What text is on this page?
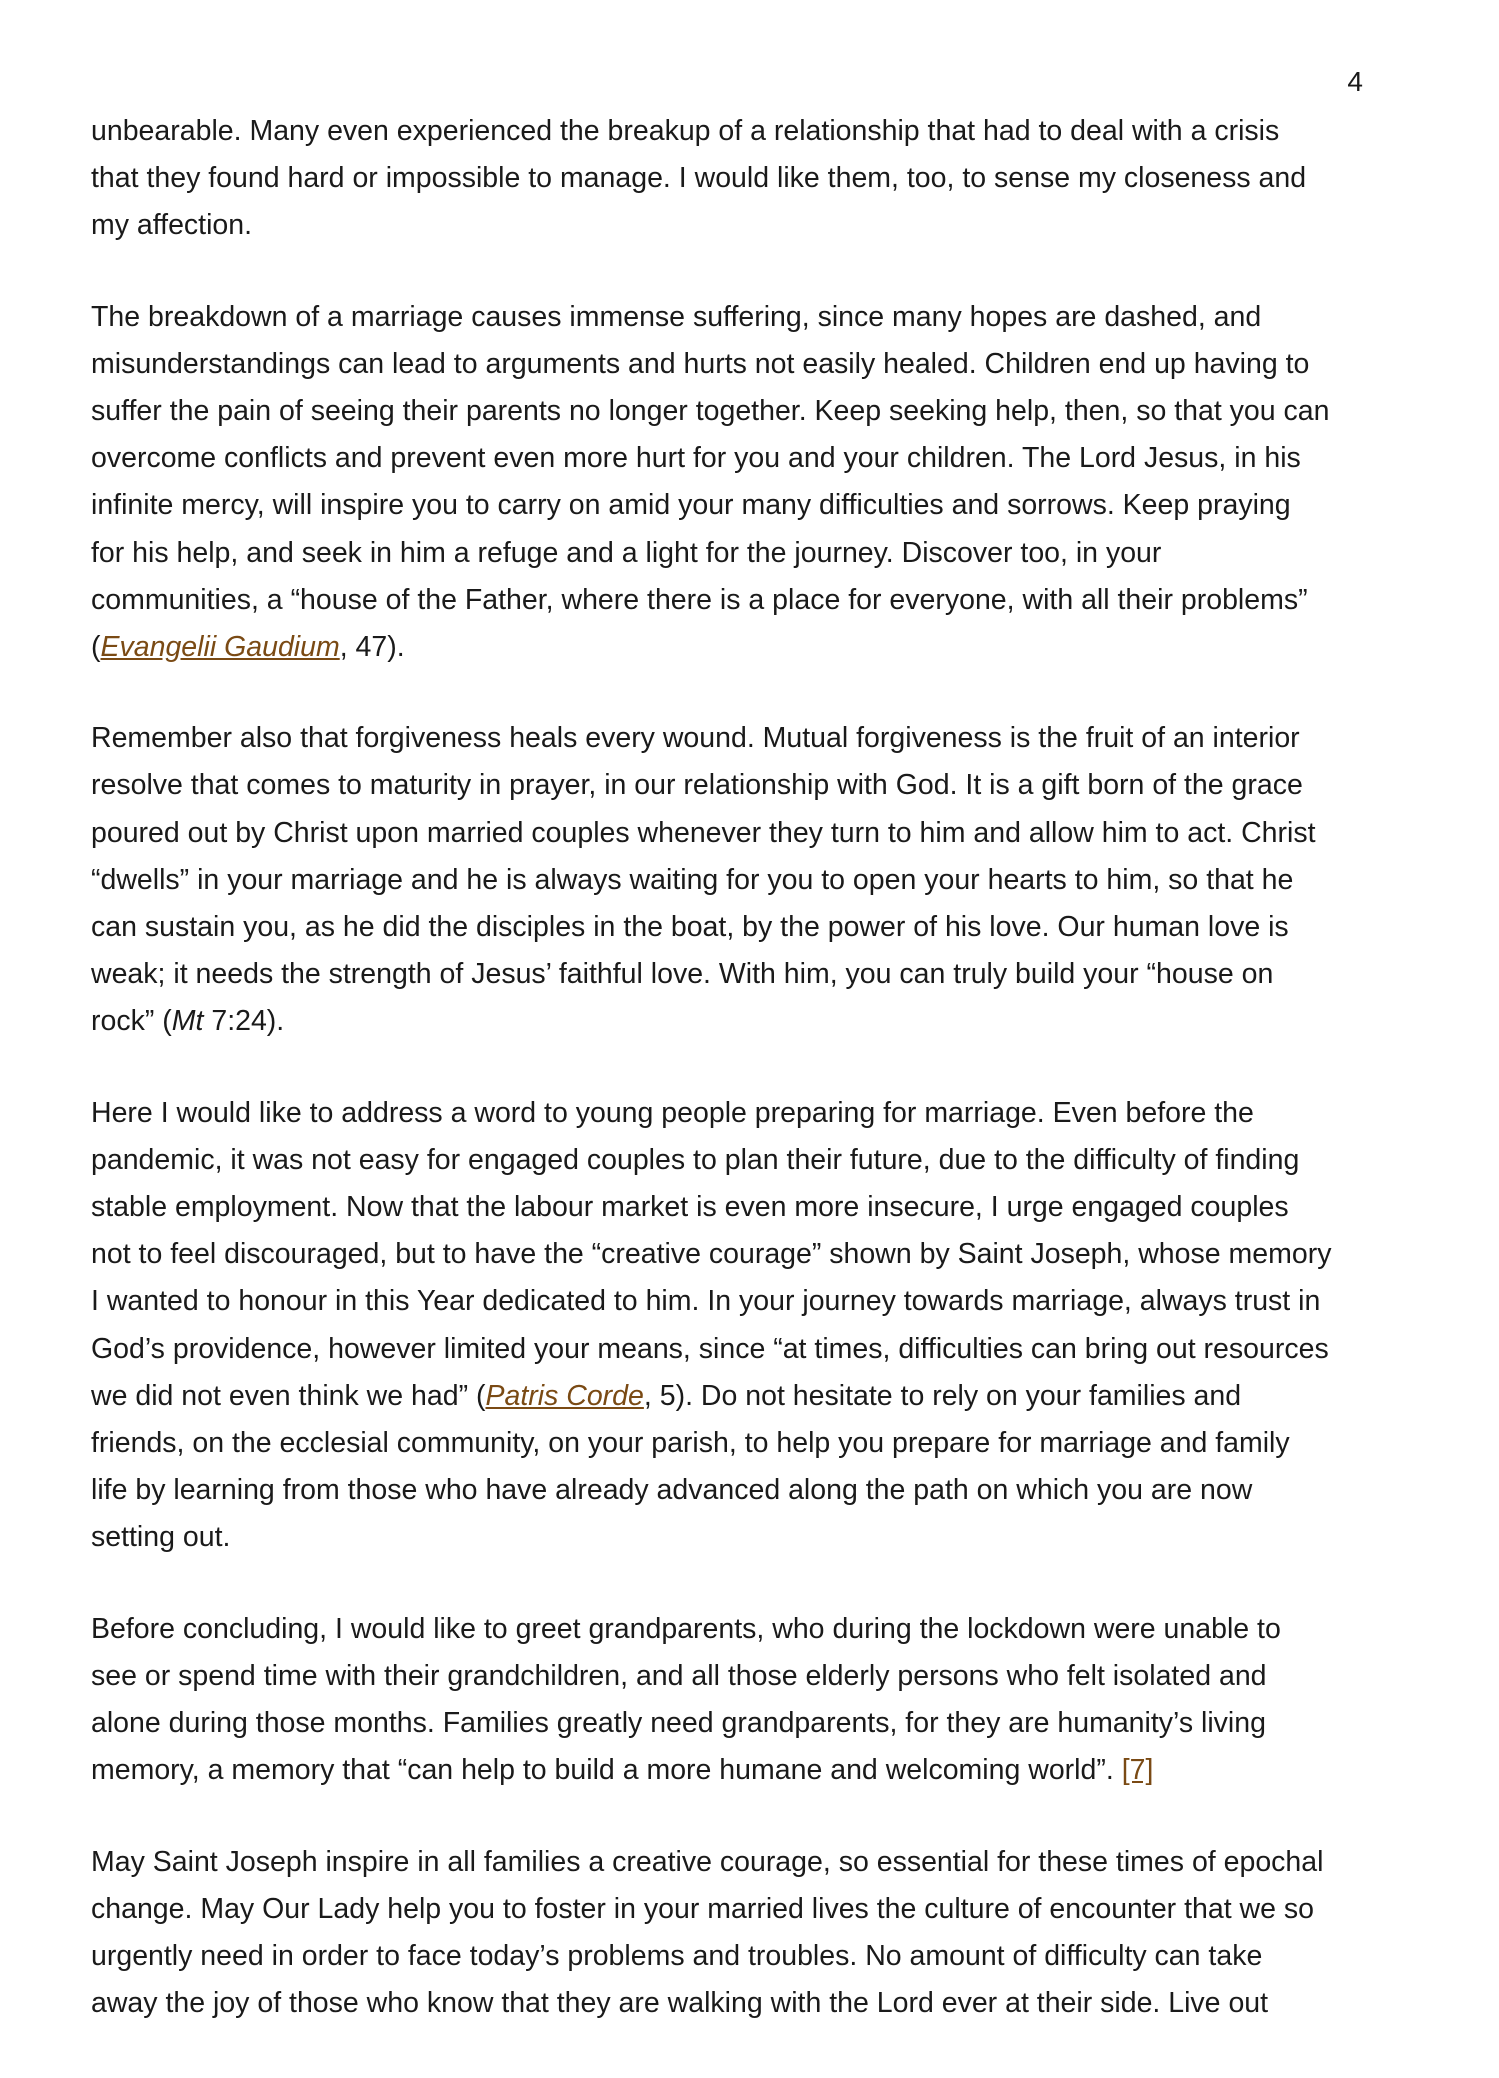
4

unbearable. Many even experienced the breakup of a relationship that had to deal with a crisis
that they found hard or impossible to manage. I would like them, too, to sense my closeness and
my affection.

The breakdown of a marriage causes immense suffering, since many hopes are dashed, and
misunderstandings can lead to arguments and hurts not easily healed. Children end up having to
suffer the pain of seeing their parents no longer together. Keep seeking help, then, so that you can
overcome conflicts and prevent even more hurt for you and your children. The Lord Jesus, in his
infinite mercy, will inspire you to carry on amid your many difficulties and sorrows. Keep praying
for his help, and seek in him a refuge and a light for the journey. Discover too, in your
communities, a “house of the Father, where there is a place for everyone, with all their problems”
(Evangelii Gaudium, 47).

Remember also that forgiveness heals every wound. Mutual forgiveness is the fruit of an interior
resolve that comes to maturity in prayer, in our relationship with God. It is a gift born of the grace
poured out by Christ upon married couples whenever they turn to him and allow him to act. Christ
“dwells” in your marriage and he is always waiting for you to open your hearts to him, so that he
can sustain you, as he did the disciples in the boat, by the power of his love. Our human love is
weak; it needs the strength of Jesus’ faithful love. With him, you can truly build your “house on
rock” (Mt 7:24).

Here I would like to address a word to young people preparing for marriage. Even before the
pandemic, it was not easy for engaged couples to plan their future, due to the difficulty of finding
stable employment. Now that the labour market is even more insecure, I urge engaged couples
not to feel discouraged, but to have the “creative courage” shown by Saint Joseph, whose memory
I wanted to honour in this Year dedicated to him. In your journey towards marriage, always trust in
God’s providence, however limited your means, since “at times, difficulties can bring out resources
we did not even think we had” (Patris Corde, 5). Do not hesitate to rely on your families and
friends, on the ecclesial community, on your parish, to help you prepare for marriage and family
life by learning from those who have already advanced along the path on which you are now
setting out.

Before concluding, I would like to greet grandparents, who during the lockdown were unable to
see or spend time with their grandchildren, and all those elderly persons who felt isolated and
alone during those months. Families greatly need grandparents, for they are humanity’s living
memory, a memory that “can help to build a more humane and welcoming world”. [7]

May Saint Joseph inspire in all families a creative courage, so essential for these times of epochal
change. May Our Lady help you to foster in your married lives the culture of encounter that we so
urgently need in order to face today’s problems and troubles. No amount of difficulty can take
away the joy of those who know that they are walking with the Lord ever at their side. Live out
